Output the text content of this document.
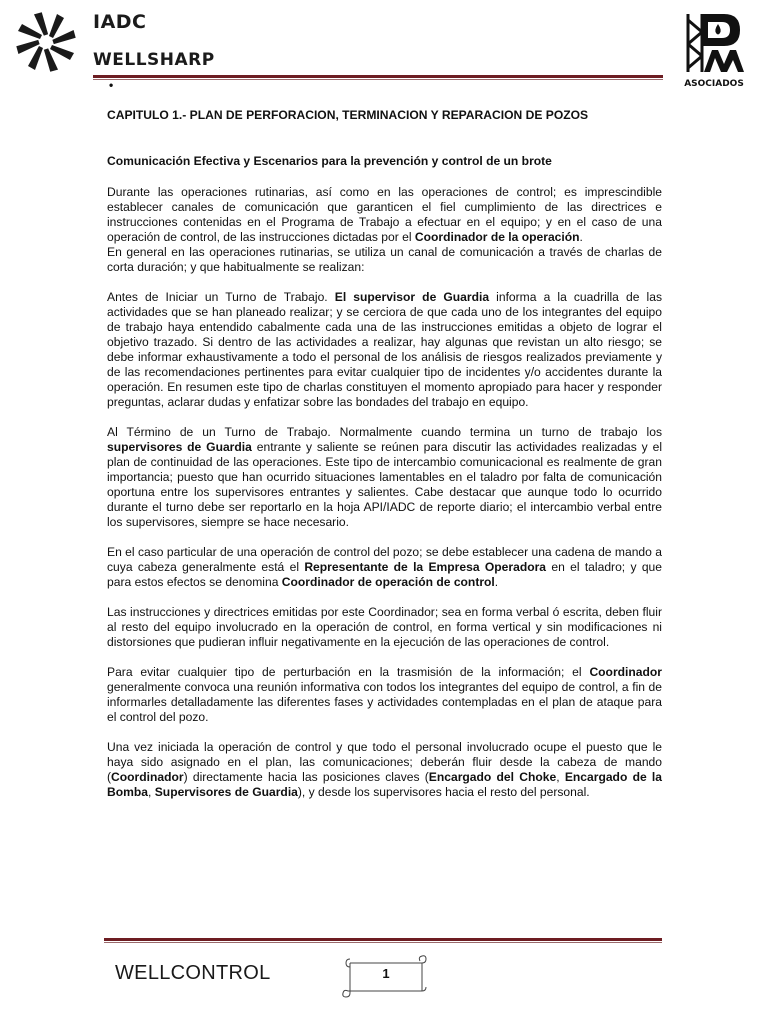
IADC
WELLSHARP
•	ASOCIADOS
CAPITULO 1.- PLAN DE PERFORACION, TERMINACION Y REPARACION DE POZOS
Comunicación Efectiva y Escenarios para la prevención y control de un brote

Durante las operaciones rutinarias, así como en las operaciones de control; es imprescindible establecer canales de comunicación que garanticen el fiel cumplimiento de las directrices e instrucciones contenidas en el Programa de Trabajo a efectuar en el equipo; y en el caso de una operación de control, de las instrucciones dictadas por el Coordinador de la operación.

En general en las operaciones rutinarias, se utiliza un canal de comunicación a través de charlas de corta duración; y que habitualmente se realizan:

Antes de Iniciar un Turno de Trabajo. El supervisor de Guardia informa a la cuadrilla de las actividades que se han planeado realizar; y se cerciora de que cada uno de los integrantes del equipo de trabajo haya entendido cabalmente cada una de las instrucciones emitidas a objeto de lograr el objetivo trazado. Si dentro de las actividades a realizar, hay algunas que revistan un alto riesgo; se debe informar exhaustivamente a todo el personal de los análisis de riesgos realizados previamente y de las recomendaciones pertinentes para evitar cualquier tipo de incidentes y/o accidentes durante la operación. En resumen este tipo de charlas constituyen el momento apropiado para hacer y responder preguntas, aclarar dudas y enfatizar sobre las bondades del trabajo en equipo.

Al Término de un Turno de Trabajo. Normalmente cuando termina un turno de trabajo los supervisores de Guardia entrante y saliente se reúnen para discutir las actividades realizadas y el plan de continuidad de las operaciones. Este tipo de intercambio comunicacional es realmente de gran importancia; puesto que han ocurrido situaciones lamentables en el taladro por falta de comunicación oportuna entre los supervisores entrantes y salientes. Cabe destacar que aunque todo lo ocurrido durante el turno debe ser reportarlo en la hoja API/IADC de reporte diario; el intercambio verbal entre los supervisores, siempre se hace necesario.

En el caso particular de una operación de control del pozo; se debe establecer una cadena de mando a cuya cabeza generalmente está el Representante de la Empresa Operadora en el taladro; y que para estos efectos se denomina Coordinador de operación de control.

Las instrucciones y directrices emitidas por este Coordinador; sea en forma verbal ó escrita, deben fluir al resto del equipo involucrado en la operación de control, en forma vertical y sin modificaciones ni distorsiones que pudieran influir negativamente en la ejecución de las operaciones de control.

Para evitar cualquier tipo de perturbación en la trasmisión de la información; el Coordinador generalmente convoca una reunión informativa con todos los integrantes del equipo de control, a fin de informarles detalladamente las diferentes fases y actividades contempladas en el plan de ataque para el control del pozo.

Una vez iniciada la operación de control y que todo el personal involucrado ocupe el puesto que le haya sido asignado en el plan, las comunicaciones; deberán fluir desde la cabeza de mando (Coordinador) directamente hacia las posiciones claves (Encargado del Choke, Encargado de la Bomba, Supervisores de Guardia), y desde los supervisores hacia el resto del personal.

WELLCONTROL	1
